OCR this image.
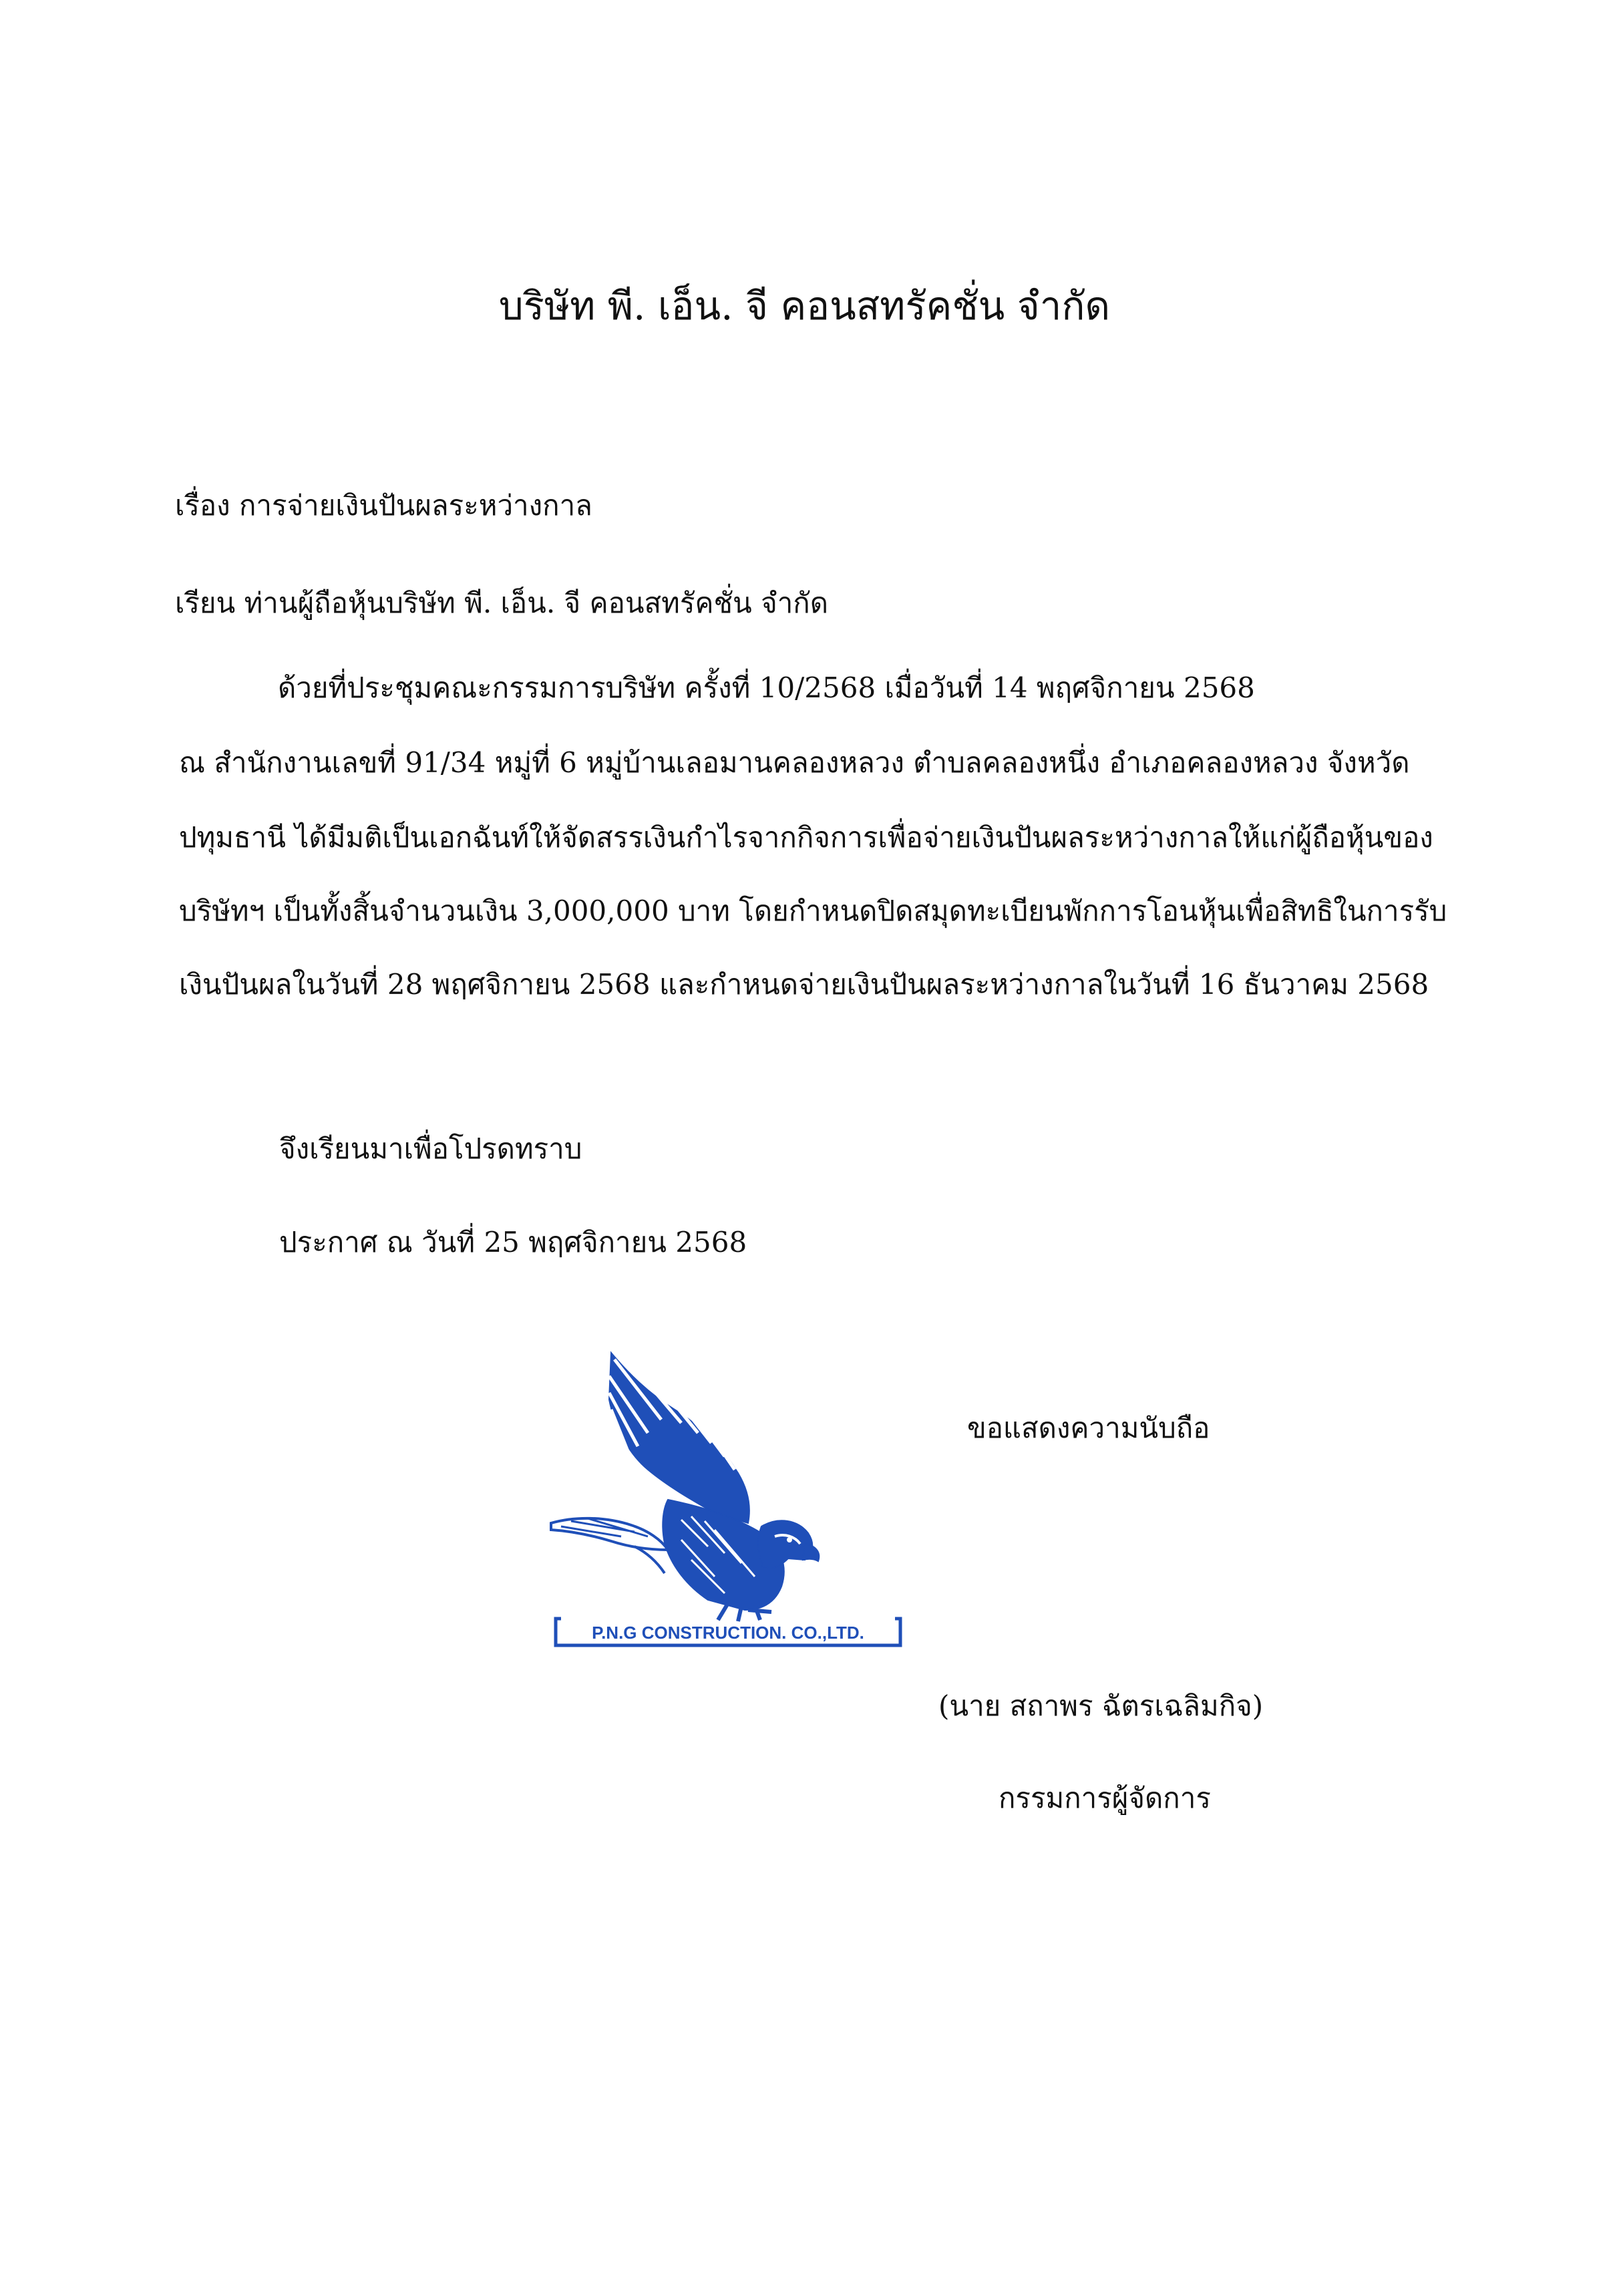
บริษัท พี. เอ็น. จี คอนสทรัคชั่น จำกัด
เรื่อง การจ่ายเงินปันผลระหว่างกาล
เรียน ท่านผู้ถือหุ้นบริษัท พี. เอ็น. จี คอนสทรัคชั่น จำกัด
ด้วยที่ประชุมคณะกรรมการบริษัท ครั้งที่ 10/2568 เมื่อวันที่ 14 พฤศจิกายน 2568
ณ สำนักงานเลขที่ 91/34 หมู่ที่ 6 หมู่บ้านเลอมานคลองหลวง ตำบลคลองหนึ่ง อำเภอคลองหลวง จังหวัด
ปทุมธานี ได้มีมติเป็นเอกฉันท์ให้จัดสรรเงินกำไรจากกิจการเพื่อจ่ายเงินปันผลระหว่างกาลให้แก่ผู้ถือหุ้นของ
บริษัทฯ เป็นทั้งสิ้นจำนวนเงิน 3,000,000 บาท โดยกำหนดปิดสมุดทะเบียนพักการโอนหุ้นเพื่อสิทธิในการรับ
เงินปันผลในวันที่ 28 พฤศจิกายน 2568 และกำหนดจ่ายเงินปันผลระหว่างกาลในวันที่ 16 ธันวาคม 2568
จึงเรียนมาเพื่อโปรดทราบ
ประกาศ ณ วันที่ 25 พฤศจิกายน 2568
P.N.G CONSTRUCTION. CO.,LTD.
ขอแสดงความนับถือ
(นาย สถาพร ฉัตรเฉลิมกิจ)
กรรมการผู้จัดการ
